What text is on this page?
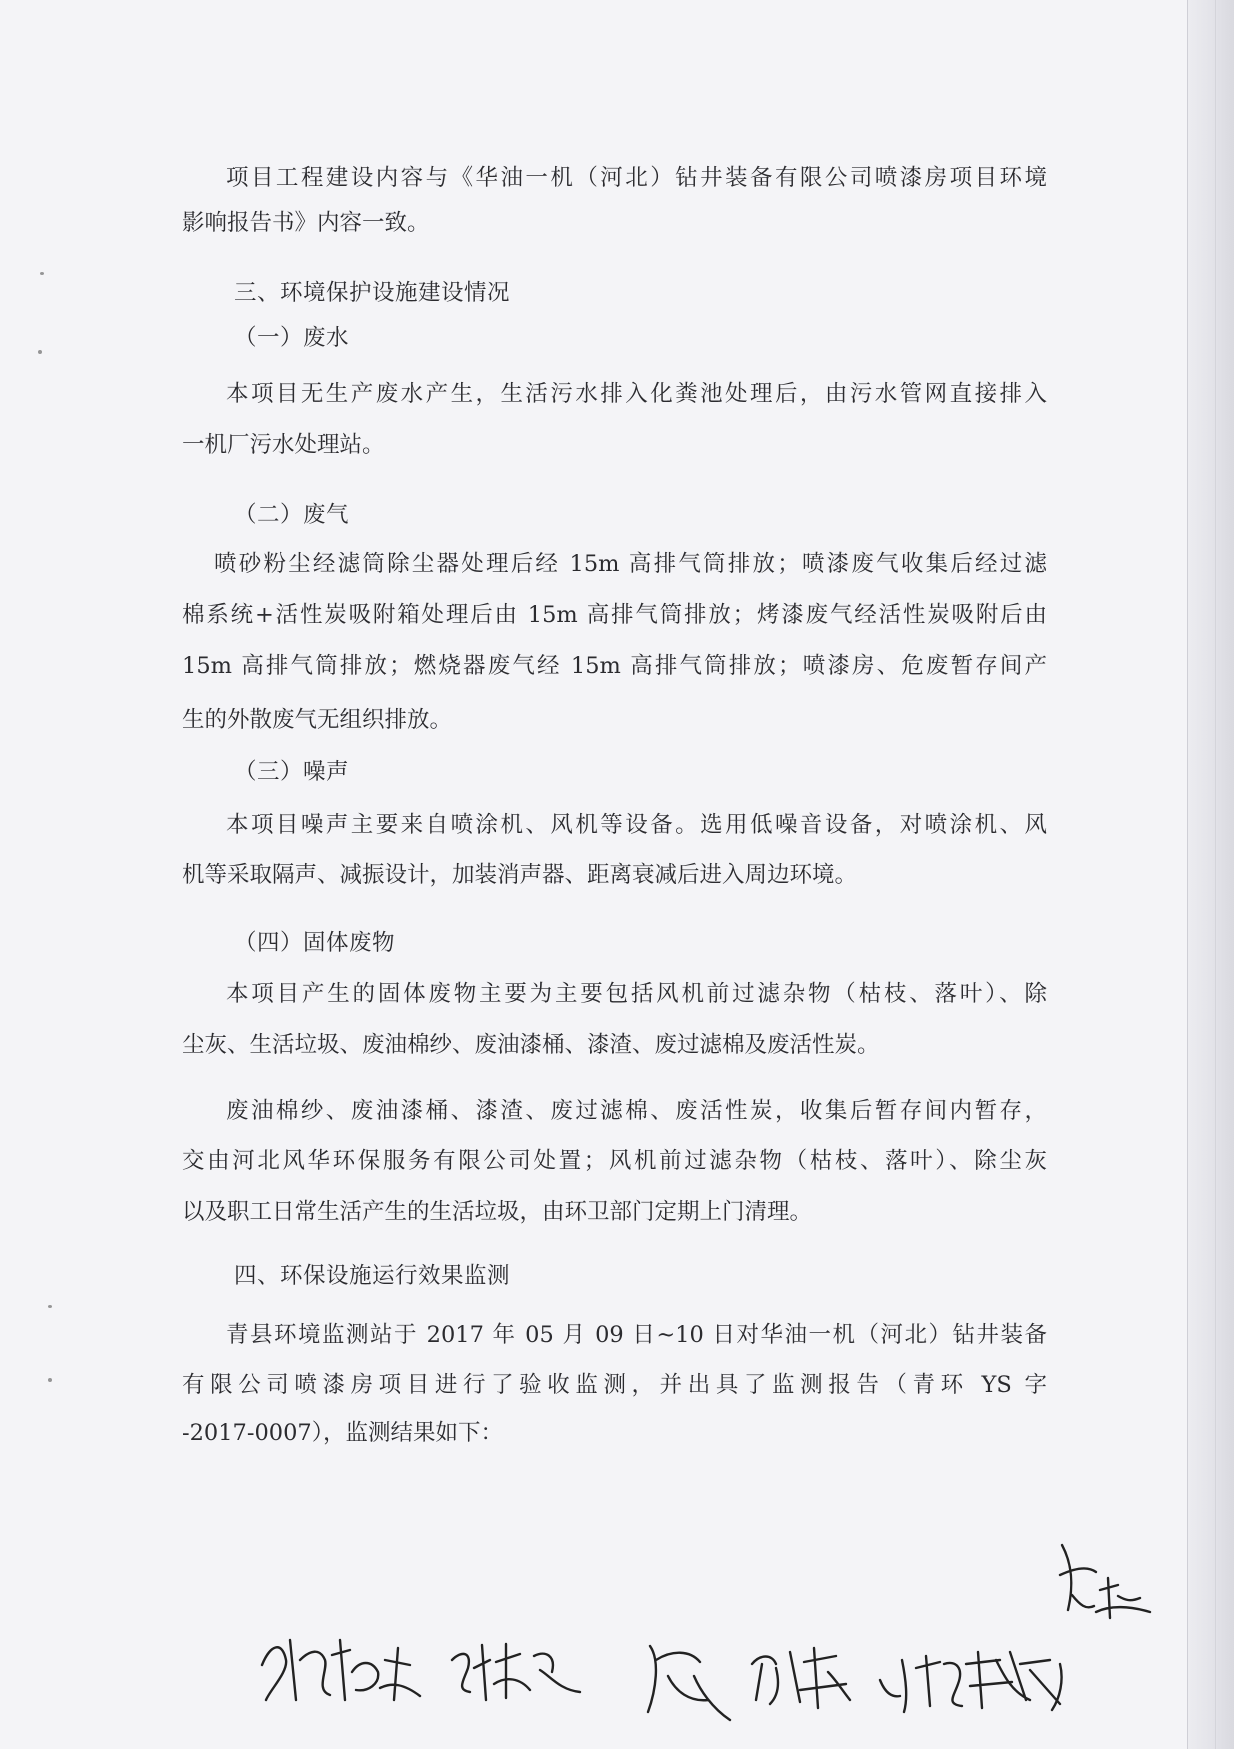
项目工程建设内容与《华油一机（河北）钻井装备有限公司喷漆房项目环境
影响报告书》内容一致。
三、环境保护设施建设情况
（一）废水
本项目无生产废水产生，生活污水排入化粪池处理后，由污水管网直接排入
一机厂污水处理站。
（二）废气
喷砂粉尘经滤筒除尘器处理后经 15m 高排气筒排放；喷漆废气收集后经过滤
棉系统+活性炭吸附箱处理后由 15m 高排气筒排放；烤漆废气经活性炭吸附后由
15m 高排气筒排放；燃烧器废气经 15m 高排气筒排放；喷漆房、危废暂存间产
生的外散废气无组织排放。
（三）噪声
本项目噪声主要来自喷涂机、风机等设备。选用低噪音设备，对喷涂机、风
机等采取隔声、减振设计，加装消声器、距离衰减后进入周边环境。
（四）固体废物
本项目产生的固体废物主要为主要包括风机前过滤杂物（枯枝、落叶）、除
尘灰、生活垃圾、废油棉纱、废油漆桶、漆渣、废过滤棉及废活性炭。
废油棉纱、废油漆桶、漆渣、废过滤棉、废活性炭，收集后暂存间内暂存，
交由河北风华环保服务有限公司处置；风机前过滤杂物（枯枝、落叶）、除尘灰
以及职工日常生活产生的生活垃圾，由环卫部门定期上门清理。
四、环保设施运行效果监测
青县环境监测站于 2017 年 05 月 09 日~10 日对华油一机（河北）钻井装备
有限公司喷漆房项目进行了验收监测，并出具了监测报告（青环 YS 字
-2017-0007），监测结果如下：
